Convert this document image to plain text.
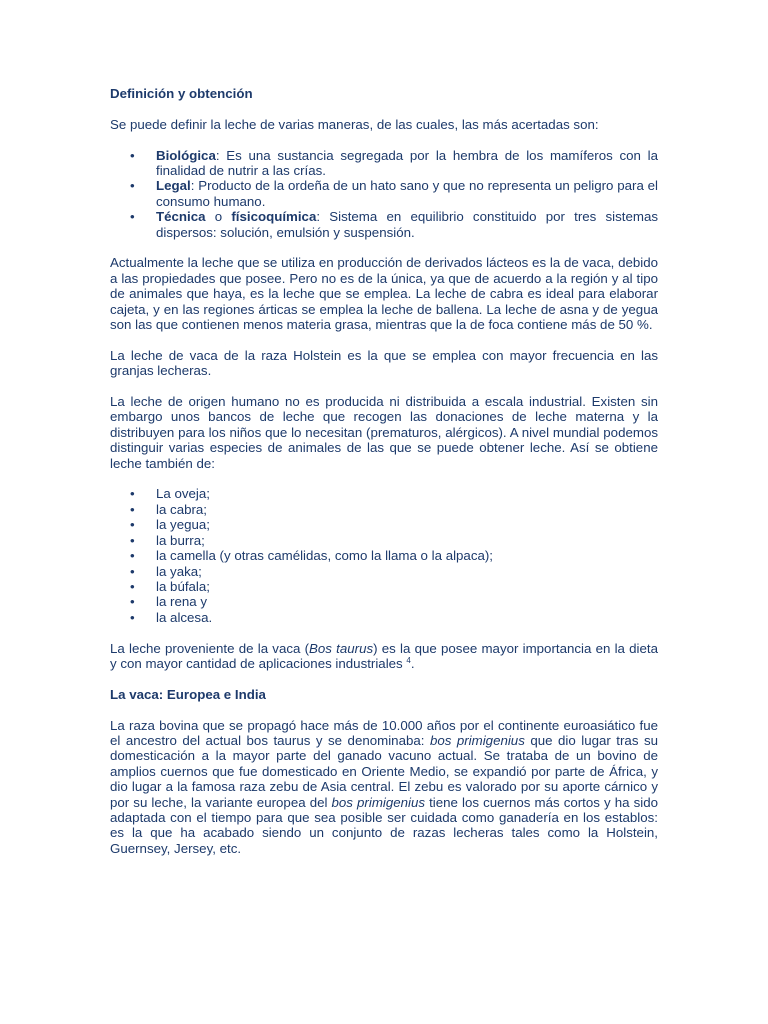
Definición y obtención

Se puede definir la leche de varias maneras, de las cuales, las más acertadas son:

• Biológica: Es una sustancia segregada por la hembra de los mamíferos con la finalidad de nutrir a las crías.
• Legal: Producto de la ordeña de un hato sano y que no representa un peligro para el consumo humano.
• Técnica o físicoquímica: Sistema en equilibrio constituido por tres sistemas dispersos: solución, emulsión y suspensión.

Actualmente la leche que se utiliza en producción de derivados lácteos es la de vaca, debido a las propiedades que posee. Pero no es de la única, ya que de acuerdo a la región y al tipo de animales que haya, es la leche que se emplea. La leche de cabra es ideal para elaborar cajeta, y en las regiones árticas se emplea la leche de ballena. La leche de asna y de yegua son las que contienen menos materia grasa, mientras que la de foca contiene más de 50 %.

La leche de vaca de la raza Holstein es la que se emplea con mayor frecuencia en las granjas lecheras.

La leche de origen humano no es producida ni distribuida a escala industrial. Existen sin embargo unos bancos de leche que recogen las donaciones de leche materna y la distribuyen para los niños que lo necesitan (prematuros, alérgicos). A nivel mundial podemos distinguir varias especies de animales de las que se puede obtener leche. Así se obtiene leche también de:

• La oveja;
• la cabra;
• la yegua;
• la burra;
• la camella (y otras camélidas, como la llama o la alpaca);
• la yaka;
• la búfala;
• la rena y
• la alcesa.

La leche proveniente de la vaca (Bos taurus) es la que posee mayor importancia en la dieta y con mayor cantidad de aplicaciones industriales $^4$.

La vaca: Europea e India

La raza bovina que se propagó hace más de 10.000 años por el continente euroasiático fue el ancestro del actual bos taurus y se denominaba: bos primigenius que dio lugar tras su domesticación a la mayor parte del ganado vacuno actual. Se trataba de un bovino de amplios cuernos que fue domesticado en Oriente Medio, se expandió por parte de África, y dio lugar a la famosa raza zebu de Asia central. El zebu es valorado por su aporte cárnico y por su leche, la variante europea del bos primigenius tiene los cuernos más cortos y ha sido adaptada con el tiempo para que sea posible ser cuidada como ganadería en los establos: es la que ha acabado siendo un conjunto de razas lecheras tales como la Holstein, Guernsey, Jersey, etc.
